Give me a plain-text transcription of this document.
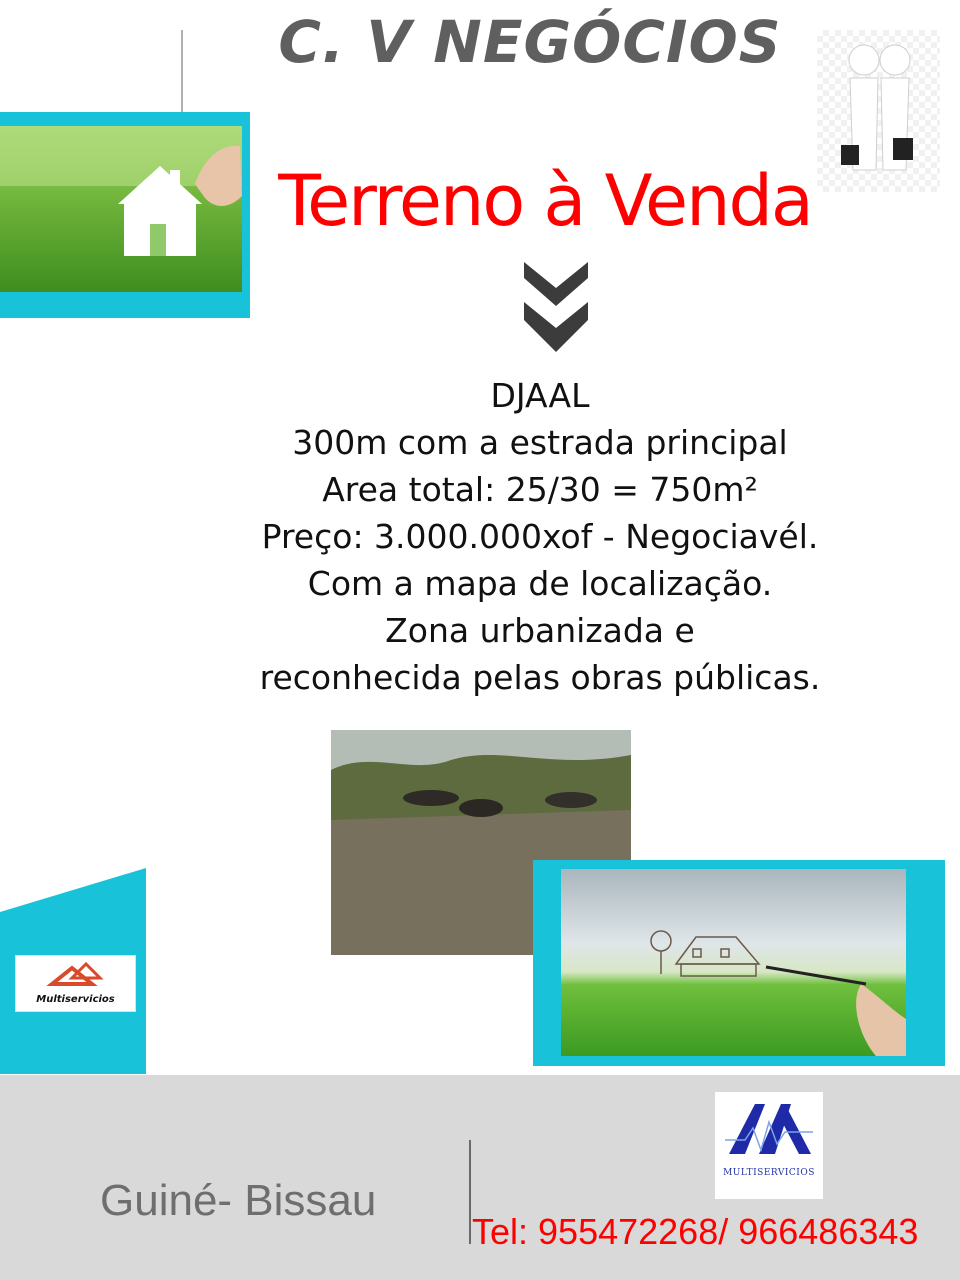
C. V NEGÓCIOS
Terreno à Venda
DJAAL
300m com a estrada principal
Area total: 25/30 = 750m²
Preço: 3.000.000xof - Negociavél.
Com a mapa de localização.
Zona urbanizada e
reconhecida pelas obras públicas.
Multiservicios
Guiné- Bissau
MULTISERVICIOS
Tel: 955472268/ 966486343
